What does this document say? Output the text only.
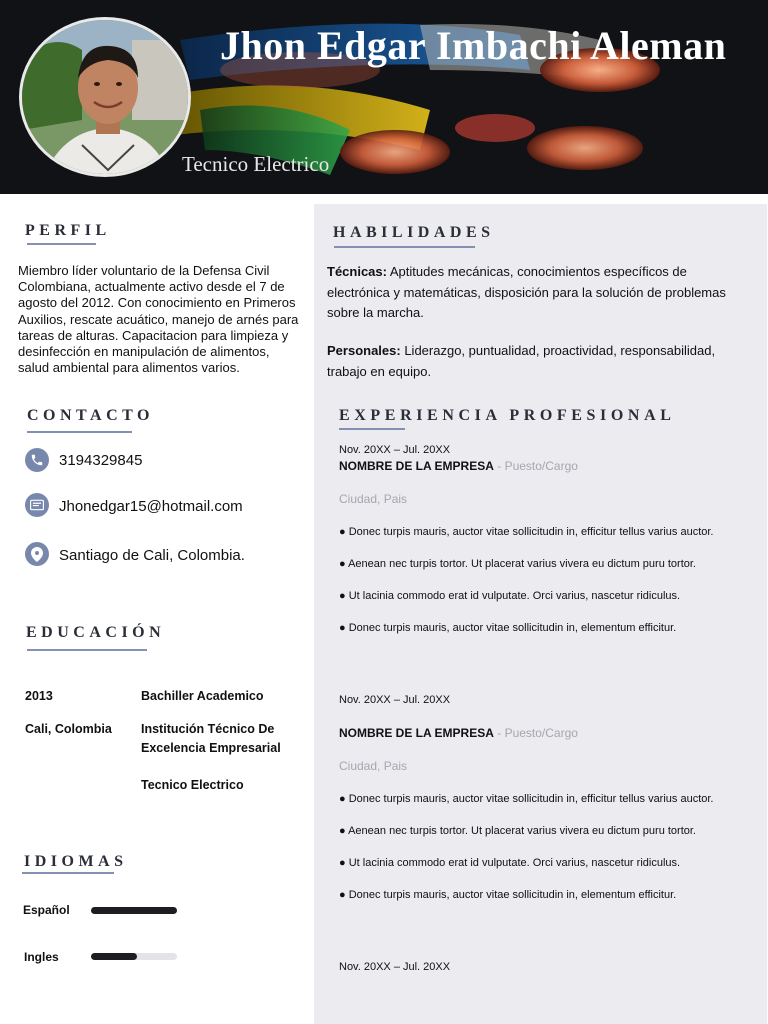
Jhon Edgar Imbachi Aleman
Tecnico Electrico
PERFIL
Miembro líder voluntario de la Defensa Civil Colombiana, actualmente activo desde el 7 de agosto del 2012. Con conocimiento en Primeros Auxilios, rescate acuático, manejo de arnés para tareas de alturas. Capacitacion para limpieza y desinfección en manipulación de alimentos, salud ambiental para alimentos varios.
CONTACTO
3194329845
Jhonedgar15@hotmail.com
Santiago de Cali, Colombia.
EDUCACIÓN
2013	Bachiller Academico
Cali, Colombia Institución Técnico De Excelencia Empresarial
Tecnico Electrico
IDIOMAS
Español
Ingles
HABILIDADES
Técnicas: Aptitudes mecánicas, conocimientos específicos de electrónica y matemáticas, disposición para la solución de problemas sobre la marcha.
Personales: Liderazgo, puntualidad, proactividad, responsabilidad, trabajo en equipo.
EXPERIENCIA PROFESIONAL
Nov. 20XX – Jul. 20XX
NOMBRE DE LA EMPRESA - Puesto/Cargo
Ciudad, Pais
● Donec turpis mauris, auctor vitae sollicitudin in, efficitur tellus varius auctor.
● Aenean nec turpis tortor. Ut placerat varius vivera eu dictum puru tortor.
● Ut lacinia commodo erat id vulputate. Orci varius, nascetur ridiculus.
● Donec turpis mauris, auctor vitae sollicitudin in, elementum efficitur.
Nov. 20XX – Jul. 20XX
NOMBRE DE LA EMPRESA - Puesto/Cargo
Ciudad, Pais
● Donec turpis mauris, auctor vitae sollicitudin in, efficitur tellus varius auctor.
● Aenean nec turpis tortor. Ut placerat varius vivera eu dictum puru tortor.
● Ut lacinia commodo erat id vulputate. Orci varius, nascetur ridiculus.
● Donec turpis mauris, auctor vitae sollicitudin in, elementum efficitur.
Nov. 20XX – Jul. 20XX
